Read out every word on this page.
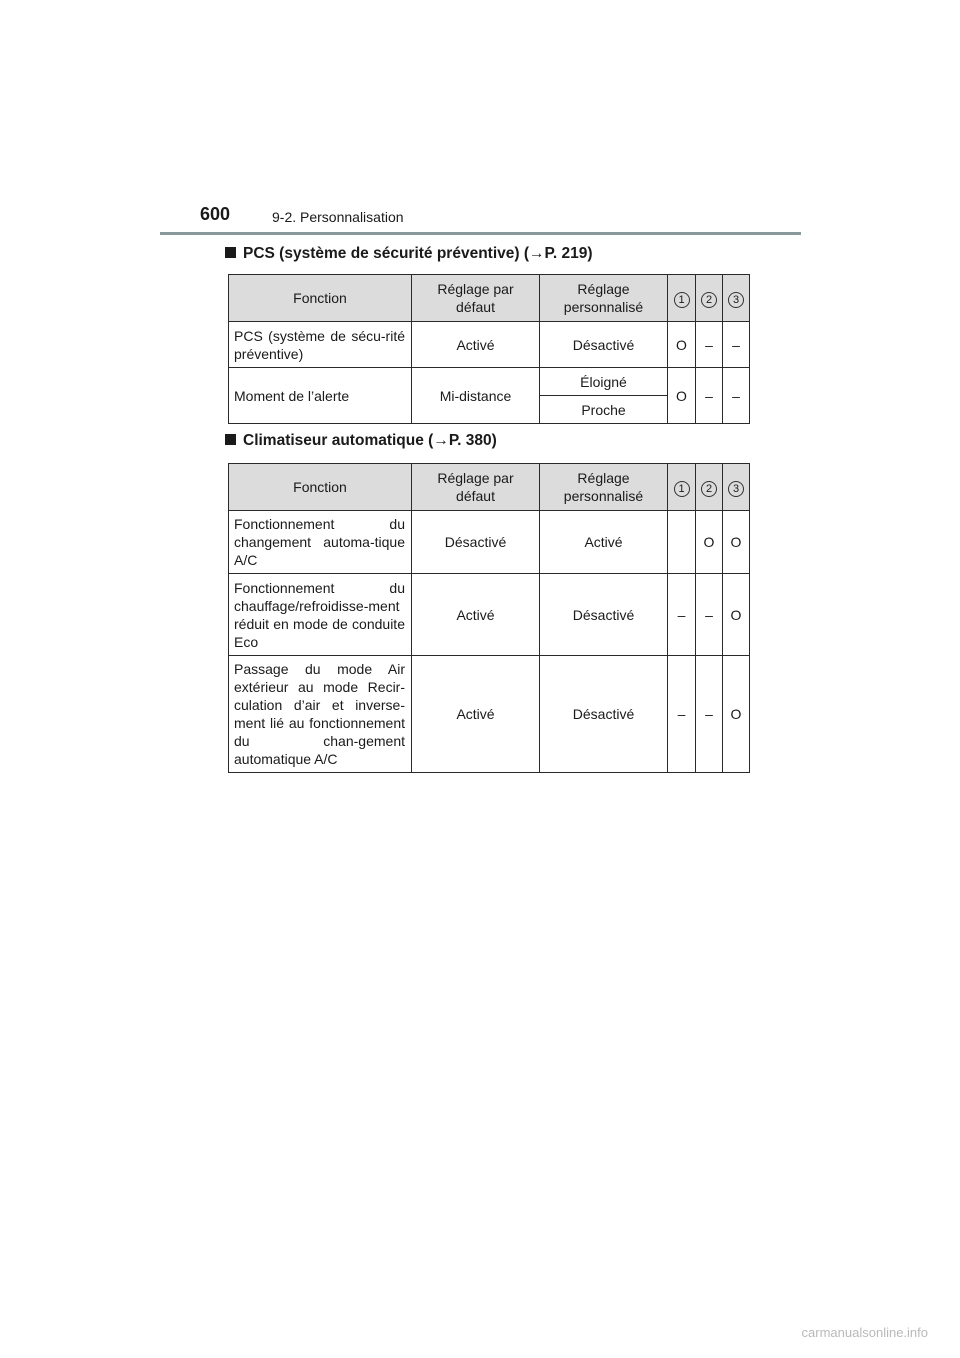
600	9-2. Personnalisation
PCS (système de sécurité préventive) (→P. 219)
Fonction	Réglage par défaut	Réglage personnalisé	1	2	3
PCS (système de sécu-rité préventive)	Activé	Désactivé	O	–	–
Moment de l’alerte	Mi-distance	Éloigné	O	–	–
		Proche			
Climatiseur automatique (→P. 380)
Fonction	Réglage par défaut	Réglage personnalisé	1	2	3
Fonctionnement du changement automa-tique A/C	Désactivé	Activé		O	O
Fonctionnement du chauffage/refroidisse-ment réduit en mode de conduite Eco	Activé	Désactivé	–	–	O
Passage du mode Air extérieur au mode Recir-culation d’air et inverse-ment lié au fonctionnement du chan-gement automatique A/C	Activé	Désactivé	–	–	O
carmanualsonline.info
